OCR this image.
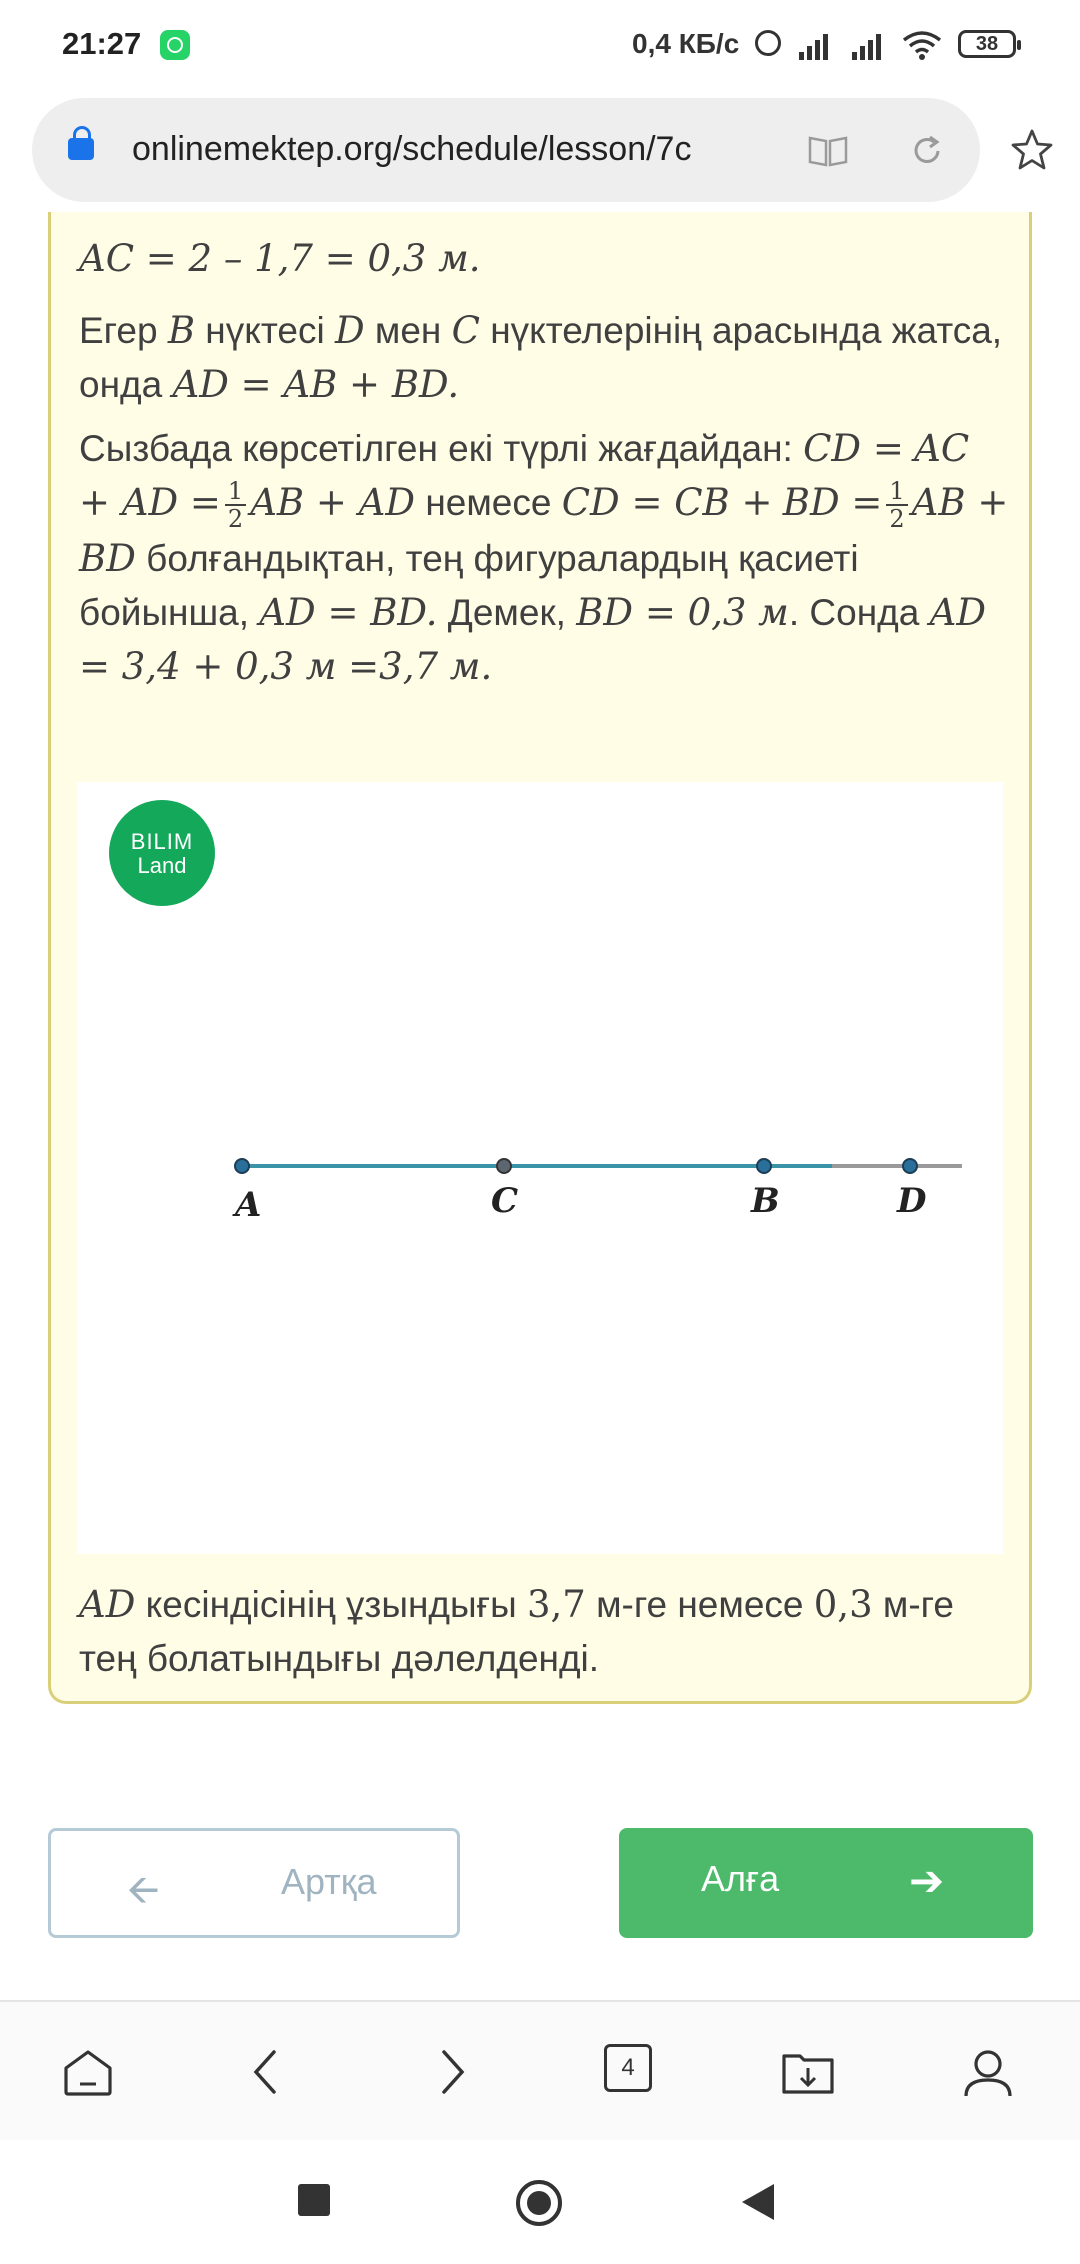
21:27	0,4 КБ/с	38
onlinemektep.org/schedule/lesson/7c
AC = 2 – 1,7 = 0,3 м.
Егер B нүктесі D мен C нүктелерінің арасында жатса, онда AD = AB + BD.
Сызбада көрсетілген екі түрлі жағдайдан: CD = AC + AD = $\frac{1}{2}$ AB + AD немесе CD = CB + BD = $\frac{1}{2}$ AB + BD болғандықтан, тең фигуралардың қасиеті бойынша, AD = BD. Демек, BD = 0,3 м. Сонда AD = 3,4 + 0,3 м =3,7 м.
BILIM
Land
A	C	B	D
AD кесіндісінің ұзындығы 3,7 м-ге немесе 0,3 м-ге тең болатындығы дәлелденді.
🡨	Артқа	Алға	➔
4
